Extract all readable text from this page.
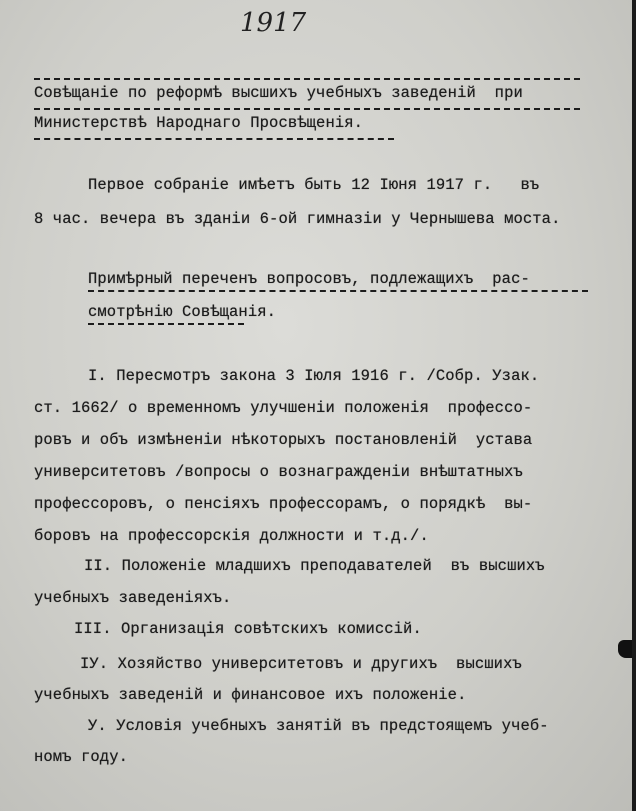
1917
Совѣщанiе по реформѣ высшихъ учебныхъ заведенiй  при
Министерствѣ Народнаго Просвѣщенiя.
Первое собранiе имѣетъ быть 12 Iюня 1917 г.   въ
8 час. вечера въ зданiи 6-ой гимназiи у Чернышева моста.
Примѣрный переченъ вопросовъ, подлежащихъ  рас-
смотрѣнiю Совѣщанiя.
I. Пересмотръ закона 3 Iюля 1916 г. /Собр. Узак.
ст. 1662/ о временномъ улучшенiи положенiя  профессо-
ровъ и объ измѣненiи нѣкоторыхъ постановленiй  устава
университетовъ /вопросы о вознагражденiи внѣштатныхъ
профессоровъ, о пенсiяхъ профессорамъ, о порядкѣ  вы-
боровъ на профессорскiя должности и т.д./.
II. Положенiе младшихъ преподавателей  въ высшихъ
учебныхъ заведенiяхъ.
III. Организацiя совѣтскихъ комиссiй.
IУ. Хозяйство университетовъ и другихъ  высшихъ
учебныхъ заведенiй и финансовое ихъ положенiе.
У. Условiя учебныхъ занятiй въ предстоящемъ учеб-
номъ году.
